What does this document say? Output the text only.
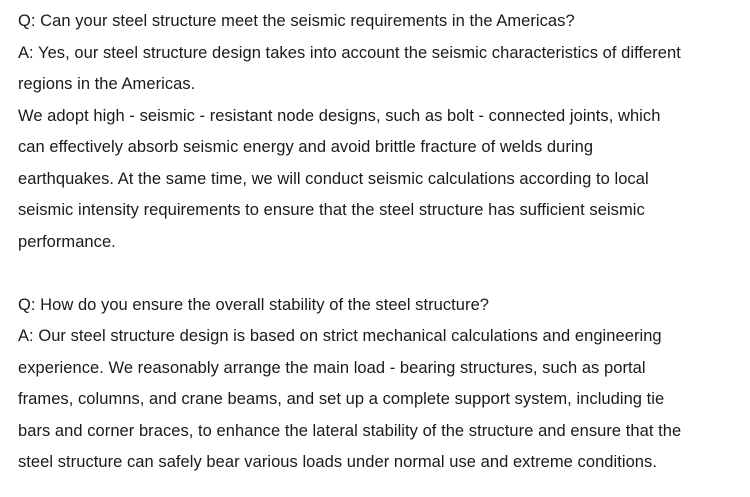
Q: Can your steel structure meet the seismic requirements in the Americas?

A: Yes, our steel structure design takes into account the seismic characteristics of different

regions in the Americas.

We adopt high - seismic - resistant node designs, such as bolt - connected joints, which

can effectively absorb seismic energy and avoid brittle fracture of welds during

earthquakes. At the same time, we will conduct seismic calculations according to local

seismic intensity requirements to ensure that the steel structure has sufficient seismic

performance.

Q: How do you ensure the overall stability of the steel structure?

A: Our steel structure design is based on strict mechanical calculations and engineering

experience. We reasonably arrange the main load - bearing structures, such as portal

frames, columns, and crane beams, and set up a complete support system, including tie

bars and corner braces, to enhance the lateral stability of the structure and ensure that the

steel structure can safely bear various loads under normal use and extreme conditions.
